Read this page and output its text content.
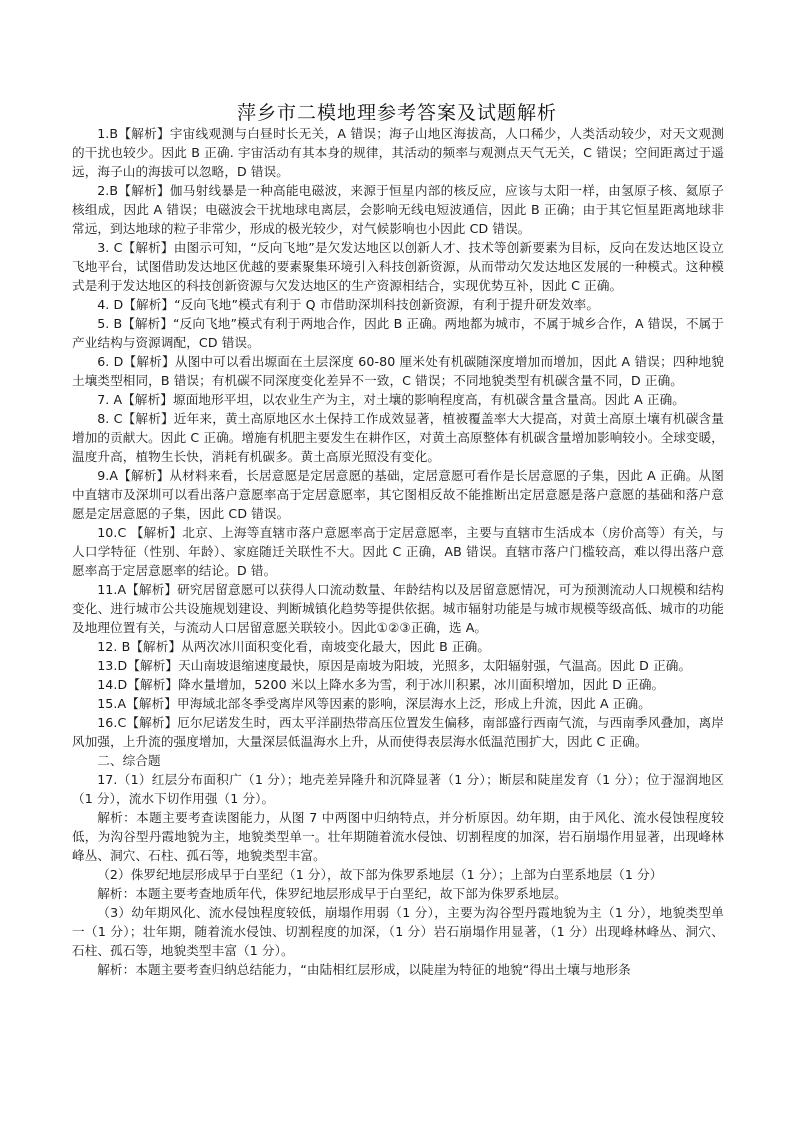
萍乡市二模地理参考答案及试题解析

1.B【解析】宇宙线观测与白昼时长无关，A 错误；海子山地区海拔高，人口稀少，人类活动较少，对天文观测的干扰也较少。因此 B 正确. 宇宙活动有其本身的规律，其活动的频率与观测点天气无关，C 错误；空间距离过于遥远，海子山的海拔可以忽略，D 错误。

2.B【解析】伽马射线暴是一种高能电磁波，来源于恒星内部的核反应，应该与太阳一样，由氢原子核、氦原子核组成，因此 A 错误；电磁波会干扰地球电离层，会影响无线电短波通信，因此 B 正确；由于其它恒星距离地球非常远，到达地球的粒子非常少，形成的极光较少，对气候影响也小因此 CD 错误。

3. C【解析】由图示可知，“反向飞地”是欠发达地区以创新人才、技术等创新要素为目标，反向在发达地区设立飞地平台，试图借助发达地区优越的要素聚集环境引入科技创新资源，从而带动欠发达地区发展的一种模式。这种模式是利于发达地区的科技创新资源与欠发达地区的生产资源相结合，实现优势互补，因此 C 正确。

4. D【解析】“反向飞地”模式有利于 Q 市借助深圳科技创新资源，有利于提升研发效率。

5. B【解析】“反向飞地”模式有利于两地合作，因此 B 正确。两地都为城市，不属于城乡合作，A 错误，不属于产业结构与资源调配，CD 错误。

6. D【解析】从图中可以看出塬面在土层深度 60-80 厘米处有机碳随深度增加而增加，因此 A 错误；四种地貌土壤类型相同，B 错误；有机碳不同深度变化差异不一致，C 错误；不同地貌类型有机碳含量不同，D 正确。

7. A【解析】塬面地形平坦，以农业生产为主，对土壤的影响程度高，有机碳含量含量高。因此 A 正确。

8. C【解析】近年来，黄土高原地区水土保持工作成效显著，植被覆盖率大大提高，对黄土高原土壤有机碳含量增加的贡献大。因此 C 正确。增施有机肥主要发生在耕作区，对黄土高原整体有机碳含量增加影响较小。全球变暖，温度升高，植物生长快，消耗有机碳多。黄土高原光照没有变化。

9.A【解析】从材料来看，长居意愿是定居意愿的基础，定居意愿可看作是长居意愿的子集，因此 A 正确。从图中直辖市及深圳可以看出落户意愿率高于定居意愿率，其它图相反故不能推断出定居意愿是落户意愿的基础和落户意愿是定居意愿的子集，因此 CD 错误。

10.C 【解析】北京、上海等直辖市落户意愿率高于定居意愿率，主要与直辖市生活成本（房价高等）有关，与人口学特征（性别、年龄）、家庭随迁关联性不大。因此 C 正确，AB 错误。直辖市落户门槛较高，难以得出落户意愿率高于定居意愿率的结论。D 错。

11.A【解析】研究居留意愿可以获得人口流动数量、年龄结构以及居留意愿情况，可为预测流动人口规模和结构变化、进行城市公共设施规划建设、判断城镇化趋势等提供依据。城市辐射功能是与城市规模等级高低、城市的功能及地理位置有关，与流动人口居留意愿关联较小。因此①②③正确，选 A。

12. B【解析】从两次冰川面积变化看，南坡变化最大，因此 B 正确。

13.D【解析】天山南坡退缩速度最快，原因是南坡为阳坡，光照多，太阳辐射强，气温高。因此 D 正确。

14.D【解析】降水量增加，5200 米以上降水多为雪，利于冰川积累，冰川面积增加，因此 D 正确。

15.A【解析】甲海域北部冬季受离岸风等因素的影响，深层海水上泛，形成上升流，因此 A 正确。

16.C【解析】厄尔尼诺发生时，西太平洋副热带高压位置发生偏移，南部盛行西南气流，与西南季风叠加，离岸风加强，上升流的强度增加，大量深层低温海水上升，从而使得表层海水低温范围扩大，因此 C 正确。

二、综合题

17.（1）红层分布面积广（1 分）；地壳差异隆升和沉降显著（1 分）；断层和陡崖发育（1 分）；位于湿润地区（1 分），流水下切作用强（1 分）。

解析：本题主要考查读图能力，从图 7 中两图中归纳特点，并分析原因。幼年期，由于风化、流水侵蚀程度较低，为沟谷型丹霞地貌为主，地貌类型单一。壮年期随着流水侵蚀、切割程度的加深，岩石崩塌作用显著，出现峰林峰丛、洞穴、石柱、孤石等，地貌类型丰富。

（2）侏罗纪地层形成早于白垩纪（1 分），故下部为侏罗系地层（1 分）；上部为白垩系地层（1 分）

解析：本题主要考查地质年代，侏罗纪地层形成早于白垩纪，故下部为侏罗系地层。

（3）幼年期风化、流水侵蚀程度较低，崩塌作用弱（1 分），主要为沟谷型丹霞地貌为主（1 分），地貌类型单一（1 分）；壮年期，随着流水侵蚀、切割程度的加深，（1 分）岩石崩塌作用显著，（1 分）出现峰林峰丛、洞穴、石柱、孤石等，地貌类型丰富（1 分）。

解析：本题主要考查归纳总结能力，“由陆相红层形成，以陡崖为特征的地貌“得出土壤与地形条
